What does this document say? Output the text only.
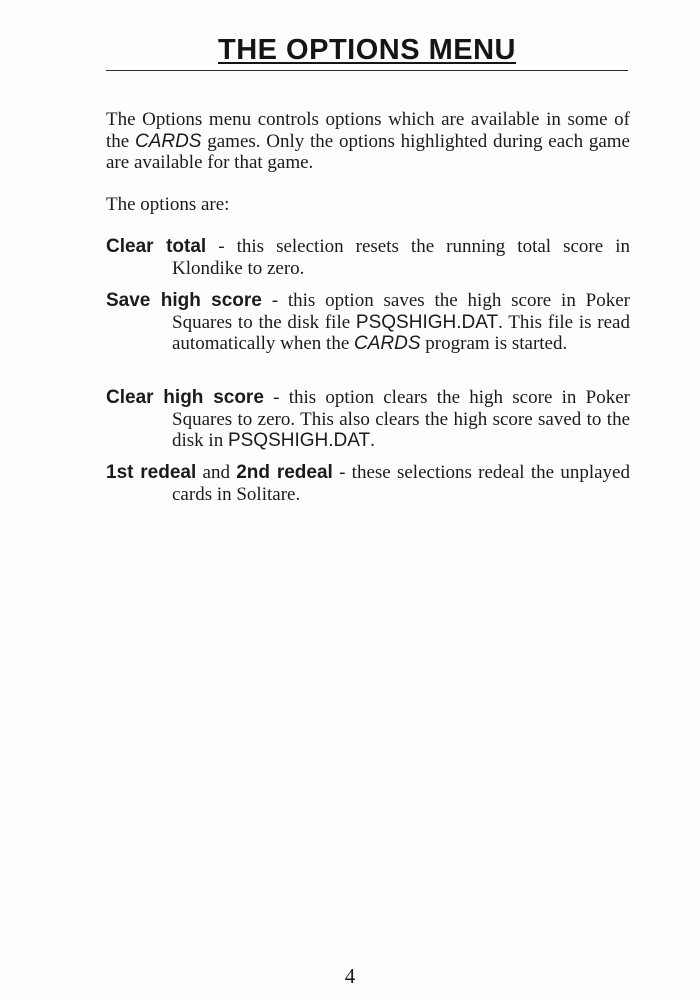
THE OPTIONS MENU

The Options menu controls options which are available in some of the CARDS games. Only the options highlighted during each game are available for that game.

The options are:

Clear total - this selection resets the running total score in Klondike to zero.

Save high score - this option saves the high score in Poker Squares to the disk file PSQSHIGH.DAT. This file is read automatically when the CARDS program is started.

Clear high score - this option clears the high score in Poker Squares to zero. This also clears the high score saved to the disk in PSQSHIGH.DAT.

1st redeal and 2nd redeal - these selections redeal the unplayed cards in Solitare.

4
